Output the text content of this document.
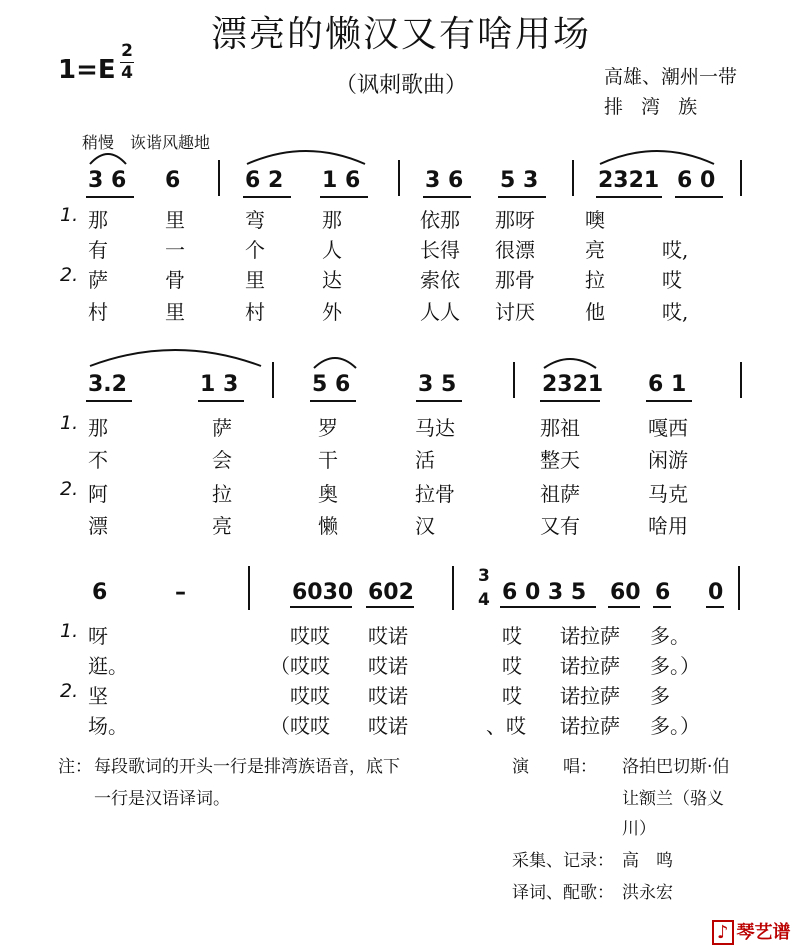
漂亮的懒汉又有啥用场
（讽刺歌曲）
1=E
2
4	高雄、潮州一带
排 湾 族
稍慢　诙谐风趣地
3 6 6	6 2 1 6	3 6 5 3	2321 6 0
1.
2.
那	里	弯	那	依那 那呀	噢
有	一	个	人	长得 很漂	亮	哎,
萨	骨	里	达	索依 那骨	拉	哎
村	里	村	外	人人 讨厌	他	哎,
3.2	1 3	5 6	3 5	2321 6 1
1.
2.
那	萨	罗	马达	那祖	嘎西
不	会	干	活	整天	闲游
阿	拉	奥	拉骨	祖萨	马克
漂	亮	懒	汉	又有	啥用
6	–	6030 602
3
4 6 0 3 5 60 6 0
1.
2.
呀	哎哎 哎诺	哎 诺拉萨 多。
逛。	（哎哎 哎诺	哎 诺拉萨 多。）
坚	哎哎 哎诺	哎 诺拉萨 多
场。	（哎哎 哎诺	、哎 诺拉萨 多。）
注： 每段歌词的开头一行是排湾族语音，底下
一行是汉语译词。
演　　唱： 洛拍巴切斯·伯
让额兰（骆义
川）
采集、记录： 高　鸣
译词、配歌： 洪永宏
♪ 琴艺谱
